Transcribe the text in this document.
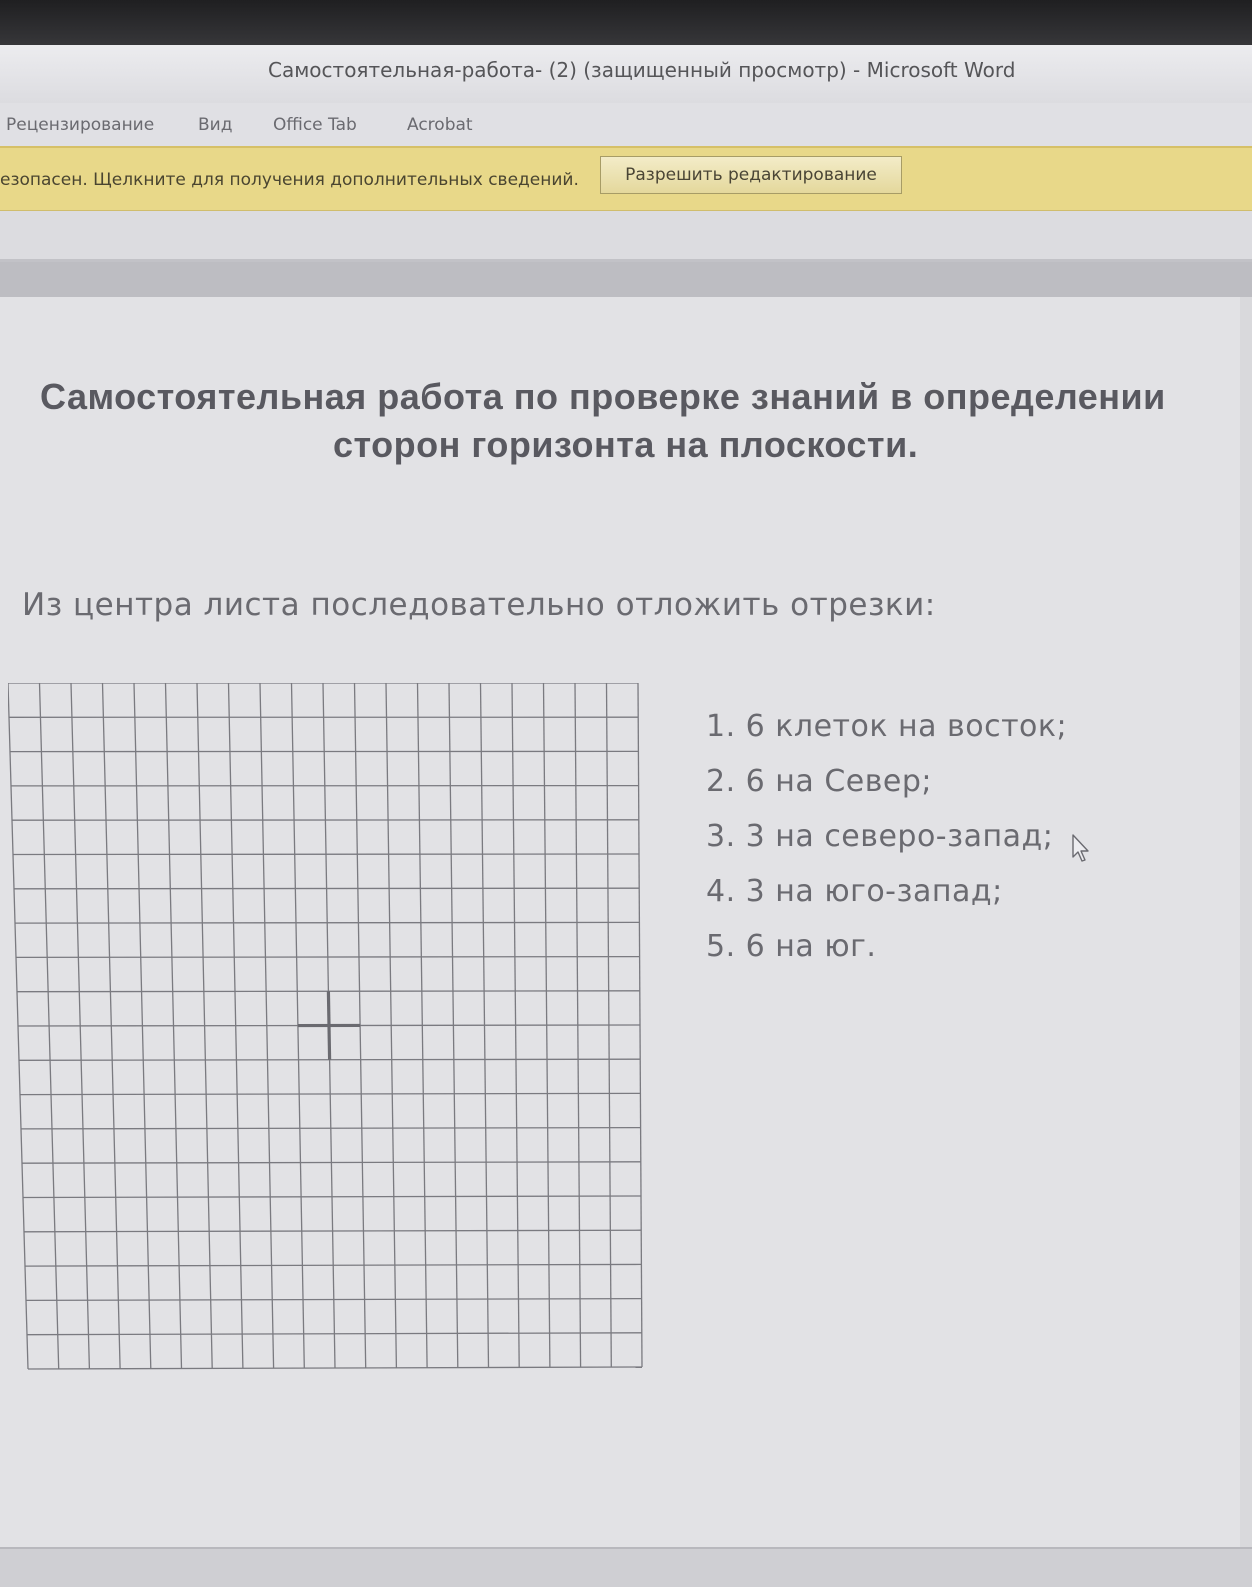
Самостоятельная-работа- (2) (защищенный просмотр) - Microsoft Word
Рецензирование	Вид Office Tab	Acrobat
езопасен. Щелкните для получения дополнительных сведений.	Разрешить редактирование
Самостоятельная работа по проверке знаний в определении
сторон горизонта на плоскости.
Из центра листа последовательно отложить отрезки:
1. 6 клеток на восток;
2. 6 на Север;
3. 3 на северо-запад;
4. 3 на юго-запад;
5. 6 на юг.
